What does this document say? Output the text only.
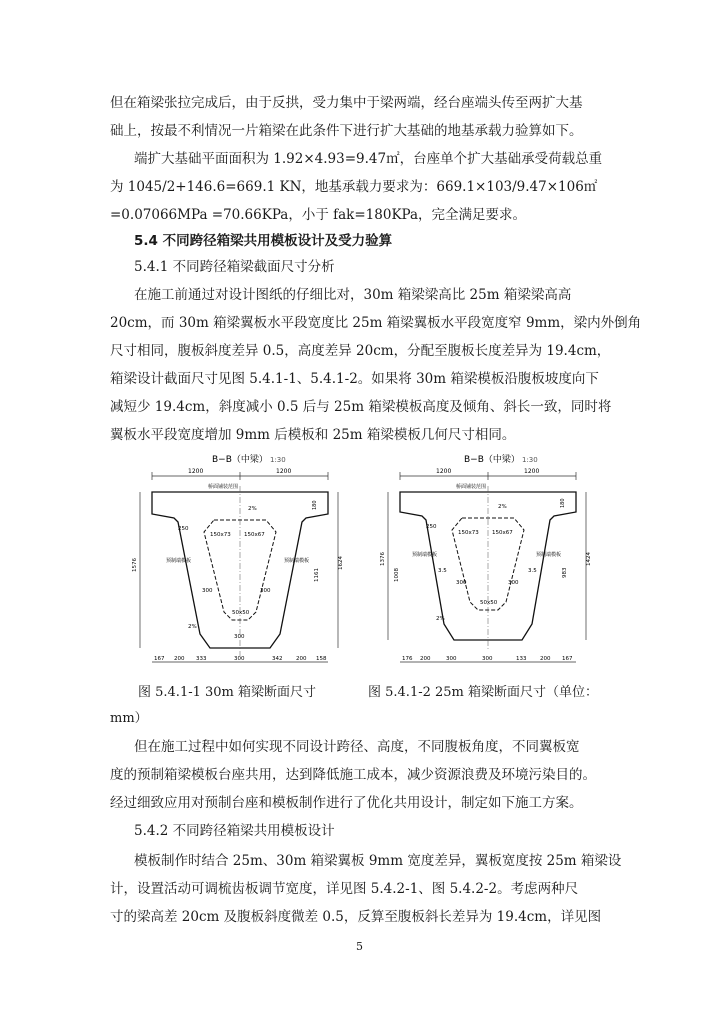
但在箱梁张拉完成后，由于反拱，受力集中于梁两端，经台座端头传至两扩大基
础上，按最不利情况一片箱梁在此条件下进行扩大基础的地基承载力验算如下。
端扩大基础平面面积为 1.92×4.93=9.47㎡，台座单个扩大基础承受荷载总重
为 1045/2+146.6=669.1 KN，地基承载力要求为：669.1×103/9.47×106㎡
=0.07066MPa =70.66KPa，小于 fak=180KPa，完全满足要求。
5.4 不同跨径箱梁共用模板设计及受力验算
5.4.1 不同跨径箱梁截面尺寸分析
在施工前通过对设计图纸的仔细比对，30m 箱梁梁高比 25m 箱梁梁高高
20cm，而 30m 箱梁翼板水平段宽度比 25m 箱梁翼板水平段宽度窄 9mm，梁内外倒角
尺寸相同，腹板斜度差异 0.5，高度差异 20cm，分配至腹板长度差异为 19.4cm，
箱梁设计截面尺寸见图 5.4.1-1、5.4.1-2。如果将 30m 箱梁模板沿腹板坡度向下
减短少 19.4cm，斜度减小 0.5 后与 25m 箱梁模板高度及倾角、斜长一致，同时将
翼板水平段宽度增加 9mm 后模板和 25m 箱梁模板几何尺寸相同。
B−B（中梁） 1:30
1200	1200
桥面铺装范围
预制端模板	预制端模板
150x73 150x67
50x50
300	300
300
250
2%
2%
1576	1624
1161
180
167 200 333	300	342 200 158
B−B（中梁） 1:30
1200	1200
桥面铺装范围
预制端模板	预制端模板
150x73 150x67
50x50
300	300
3.5	3.5
250
2%
2%
1376
1008
1424
983
180
176 200	300	300	133 200 167
图 5.4.1-1 30m 箱梁断面尺寸	图 5.4.1-2 25m 箱梁断面尺寸（单位：
mm）
但在施工过程中如何实现不同设计跨径、高度，不同腹板角度，不同翼板宽
度的预制箱梁模板台座共用，达到降低施工成本，减少资源浪费及环境污染目的。
经过细致应用对预制台座和模板制作进行了优化共用设计，制定如下施工方案。
5.4.2 不同跨径箱梁共用模板设计
模板制作时结合 25m、30m 箱梁翼板 9mm 宽度差异，翼板宽度按 25m 箱梁设
计，设置活动可调梳齿板调节宽度，详见图 5.4.2-1、图 5.4.2-2。考虑两种尺
寸的梁高差 20cm 及腹板斜度微差 0.5，反算至腹板斜长差异为 19.4cm，详见图
5
